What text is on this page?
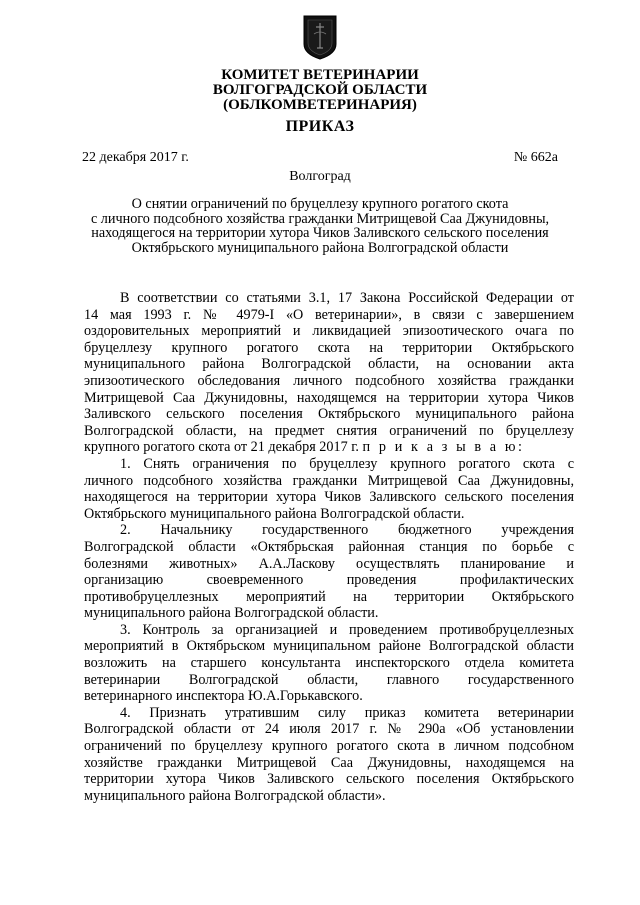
КОМИТЕТ ВЕТЕРИНАРИИ
ВОЛГОГРАДСКОЙ ОБЛАСТИ
(ОБЛКОМВЕТЕРИНАРИЯ)
ПРИКАЗ
22 декабря 2017 г.	№ 662а
Волгоград
О снятии ограничений по бруцеллезу крупного рогатого скота
с личного подсобного хозяйства гражданки Митрищевой Саа Джунидовны,
находящегося на территории хутора Чиков Заливского сельского поселения
Октябрьского муниципального района Волгоградской области
В соответствии со статьями 3.1, 17 Закона Российской Федерации от
14 мая 1993 г. № 4979-I «О ветеринарии», в связи с завершением
оздоровительных мероприятий и ликвидацией эпизоотического очага по
бруцеллезу крупного рогатого скота на территории Октябрьского
муниципального района Волгоградской области, на основании акта
эпизоотического обследования личного подсобного хозяйства гражданки
Митрищевой Саа Джунидовны, находящемся на территории хутора Чиков
Заливского сельского поселения Октябрьского муниципального района
Волгоградской области, на предмет снятия ограничений по бруцеллезу
крупного рогатого скота от 21 декабря 2017 г. п р и к а з ы в а ю:
1. Снять ограничения по бруцеллезу крупного рогатого скота с
личного подсобного хозяйства гражданки Митрищевой Саа Джунидовны,
находящегося на территории хутора Чиков Заливского сельского поселения
Октябрьского муниципального района Волгоградской области.
2. Начальнику государственного бюджетного учреждения
Волгоградской области «Октябрьская районная станция по борьбе с
болезнями животных» А.А.Ласкову осуществлять планирование и
организацию своевременного проведения профилактических
противобруцеллезных мероприятий на территории Октябрьского
муниципального района Волгоградской области.
3. Контроль за организацией и проведением противобруцеллезных
мероприятий в Октябрьском муниципальном районе Волгоградской области
возложить на старшего консультанта инспекторского отдела комитета
ветеринарии Волгоградской области, главного государственного
ветеринарного инспектора Ю.А.Горькавского.
4. Признать утратившим силу приказ комитета ветеринарии
Волгоградской области от 24 июля 2017 г. № 290а «Об установлении
ограничений по бруцеллезу крупного рогатого скота в личном подсобном
хозяйстве гражданки Митрищевой Саа Джунидовны, находящемся на
территории хутора Чиков Заливского сельского поселения Октябрьского
муниципального района Волгоградской области».
